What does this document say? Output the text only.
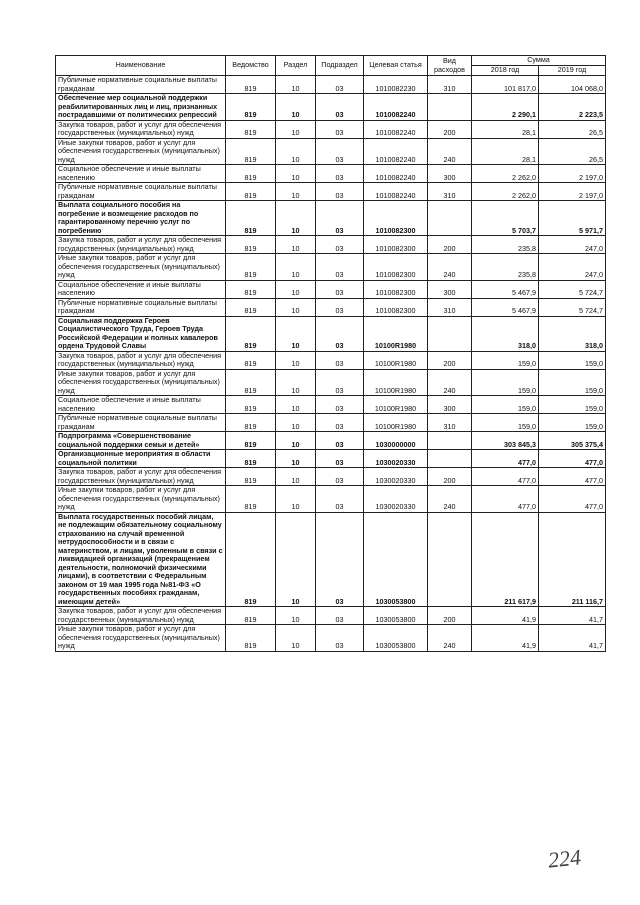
Наименование	Ведомство	Раздел	Подраздел	Целевая статья	Вид расходов	Сумма	
						2018 год	2019 год
Публичные нормативные социальные выплаты гражданам	819	10	03	1010082230	310	101 817,0	104 068,0
Обеспечение мер социальной поддержки реабилитированных лиц и лиц, признанных пострадавшими от политических репрессий	819	10	03	1010082240		2 290,1	2 223,5
Закупка товаров, работ и услуг для обеспечения государственных (муниципальных) нужд	819	10	03	1010082240	200	28,1	26,5
Иные закупки товаров, работ и услуг для обеспечения государственных (муниципальных) нужд	819	10	03	1010082240	240	28,1	26,5
Социальное обеспечение и иные выплаты населению	819	10	03	1010082240	300	2 262,0	2 197,0
Публичные нормативные социальные выплаты гражданам	819	10	03	1010082240	310	2 262,0	2 197,0
Выплата социального пособия на погребение и возмещение расходов по гарантированному перечню услуг по погребению	819	10	03	1010082300		5 703,7	5 971,7
Закупка товаров, работ и услуг для обеспечения государственных (муниципальных) нужд	819	10	03	1010082300	200	235,8	247,0
Иные закупки товаров, работ и услуг для обеспечения государственных (муниципальных) нужд	819	10	03	1010082300	240	235,8	247,0
Социальное обеспечение и иные выплаты населению	819	10	03	1010082300	300	5 467,9	5 724,7
Публичные нормативные социальные выплаты гражданам	819	10	03	1010082300	310	5 467,9	5 724,7
Социальная поддержка Героев Социалистического Труда, Героев Труда Российской Федерации и полных кавалеров ордена Трудовой Славы	819	10	03	10100R1980		318,0	318,0
Закупка товаров, работ и услуг для обеспечения государственных (муниципальных) нужд	819	10	03	10100R1980	200	159,0	159,0
Иные закупки товаров, работ и услуг для обеспечения государственных (муниципальных) нужд	819	10	03	10100R1980	240	159,0	159,0
Социальное обеспечение и иные выплаты населению	819	10	03	10100R1980	300	159,0	159,0
Публичные нормативные социальные выплаты гражданам	819	10	03	10100R1980	310	159,0	159,0
Подпрограмма «Совершенствование социальной поддержки семьи и детей»	819	10	03	1030000000		303 845,3	305 375,4
Организационные мероприятия в области социальной политики	819	10	03	1030020330		477,0	477,0
Закупка товаров, работ и услуг для обеспечения государственных (муниципальных) нужд	819	10	03	1030020330	200	477,0	477,0
Иные закупки товаров, работ и услуг для обеспечения государственных (муниципальных) нужд	819	10	03	1030020330	240	477,0	477,0
Выплата государственных пособий лицам, не подлежащим обязательному социальному страхованию на случай временной нетрудоспособности и в связи с материнством, и лицам, уволенным в связи с ликвидацией организаций (прекращением деятельности, полномочий физическими лицами), в соответствии с Федеральным законом от 19 мая 1995 года №81-ФЗ «О государственных пособиях гражданам, имеющим детей»	819	10	03	1030053800		211 617,9	211 116,7
Закупка товаров, работ и услуг для обеспечения государственных (муниципальных) нужд	819	10	03	1030053800	200	41,9	41,7
Иные закупки товаров, работ и услуг для обеспечения государственных (муниципальных) нужд	819	10	03	1030053800	240	41,9	41,7
224
